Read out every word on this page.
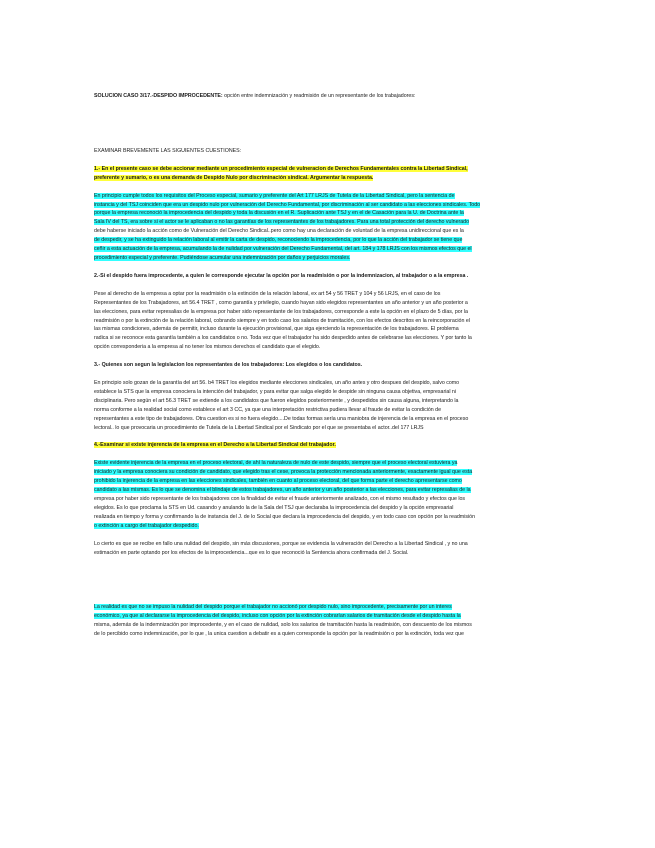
SOLUCION CASO 3/17.-DESPIDO IMPROCEDENTE: opción entre indemnización y readmisión de un representante de los trabajadores:
EXAMINAR BREVEMENTE LAS SIGUIENTES CUESTIONES:
1.- En el presente caso se debe accionar mediante un procedimiento especial de vulneracion de Derechos Fundamentales contra la Libertad Sindical,
preferente y sumario, o es una demanda de Despido Nulo por discriminación sindical. Argumentar la respuesta.
En principio cumple todos los requisitos del Proceso especial, sumario y preferente del Art 177 LRJS de Tutela de la Libertad Sindical, pero la sentencia de
instancia y del TSJ coinciden que era un despido nulo por vulneración del Derecho Fundamental, por discriminación al ser candidato a las elecciones sindicales. Todo
porque la empresa reconoció la improcedencia del despido y toda la discusión en el R. Suplicación ante TSJ y en el de Casación para la U. de Doctrina ante la
Sala IV del TS, era sobre si el actor se le aplicaban o no las garantías de los representantes de los trabajadores. Para una total protección del derecho vulnerado
debe haberse iniciado la acción como de Vulneración del Derecho Sindical..pero como hay una declaración de voluntad de la empresa unidireccional que es la
de despedir, y se ha extinguido la relación laboral al emitir la carta de despido, reconociendo la improcedencia, por lo que la acción del trabajador se tiene que
ceñir a esta actuación de la empresa, acumulando la de nulidad por vulneración del Derecho Fundamental, del art. 184 y 178 LRJS con los mismos efectos que el
procedimiento especial y preferente. Pudiéndose acumular una indemnización por daños y perjuicios morales.
2.-Si el despido fuera improcedente, a quien le corresponde ejecutar la opción por la readmisión o por la indemnizacion, al trabajador o a la empresa .
Pese al derecho de la empresa a optar por la readmisión o la extinción de la relación laboral, ex art 54 y 56 TRET y 104 y 56 LRJS, en el caso de los
Representantes de los Trabajadores, art 56.4 TRET , como garantía y privilegio, cuando hayan sido elegidos representantes un año anterior y un año posterior a
las elecciones, para evitar represalias de la empresa por haber sido representante de los trabajadores, corresponde a este la opción en el plazo de 5 días, por la
readmisión o por la extinción de la relación laboral, cobrando siempre y en todo caso los salarios de tramitación, con los efectos descritos en la reincorporación el
las mismas condiciones, además de permitir, incluso durante la ejecución provisional, que siga ejerciendo la representación de los trabajadores. El problema
radica si se reconoce esta garantía también a los candidatos o no. Toda vez que el trabajador ha sido despedido antes de celebrarse las elecciones. Y por tanto la
opción corresponderia a la empresa al no tener los mismos derechos el candidato que el elegido.
3.- Quienes son segun la legislacion los representantes de los trabajadores: Los elegidos o los candidatos.
En principio solo gozan de la garantía del art 56. b4 TRET los elegidos mediante elecciones sindicales, un año antes y otro despues del despido, salvo como
establece la STS que la empresa conociera la intención del trabajador, y para evitar que salga elegido le despide sin ninguna causa objetiva, empresarial ni
disciplinaria. Pero según el art 56.3 TRET se extiende a los candidatos que fueron elegidos posteriormente , y despedidos sin causa alguna, interpretando la
norma conforme a la realidad social como establece el art 3 CC, ya que una interpretación restrictiva pudiera llevar al fraude de evitar la condición de
representantes a este tipo de trabajadores. Otra cuestion es si no fuera elegido....De todas formas sería una maniobra de injerencia de la empresa en el proceso
lectoral.. lo que provocaria un procedimiento de Tutela de la Libertad Sindical por el Sindicato por el que se presentaba el actor..del 177 LRJS
4.-Examinar si existe injerencia de la empresa en el Derecho a la Libertad Sindical del trabajador.
Existe evidente injerencia de la empresa en el proceso electoral, de ahí la naturaleza de nulo de este despido, siempre que el proceso electoral estuviera ya
iniciado y la empresa conociera su condición de candidato, que elegido tras el cese, provoca la protección mencionada anteriormente, exactamente igual que esta
prohibido la injerencia de la empresa en las elecciones sindicales, también en cuanto al proceso electoral, del que forma parte el derecho aprresentarse como
candidato a las mismas. Es lo que se denomina el blindaje de estos trabajadores, un año anterior y un año posterior a las elecciones, para evitar represalias de la
empresa por haber sido representante de los trabajadores con la finalidad de evitar el fraude anteriormente analizado, con el mismo resultado y efectos que los
elegidos. Es lo que proclama la STS en Ud. casando y anulando la de la Sala del TSJ que declaraba la improcedencia del despido y la opción empresarial
realizada en tiempo y forma y confirmando la de instancia del J. de lo Social que declara la improcedencia del despido, y en todo caso con opción por la readmisión
o extinción a cargo del trabajador despedido.
Lo cierto es que se recibe en fallo una nulidad del despido, sin más discusiones, porque se evidencia la vulneración del Derecho a la Libertad Sindical , y no una
estimación en parte optando por los efectos de la improcedencia...que es lo que reconoció la Sentencia ahora confirmada del J. Social.
La realidad es que no se impuso la nulidad del despido porque el trabajador no accionó por despido nulo, sino improcedente, precisamente por un interes
económico, ya que al declararse la improcedencia del despido, incluso con opción por la extinción cobrarían salarios de tramitación desde el despido hasta la
misma, además de la indemnización por improcedente, y en el caso de nulidad, solo los salarios de tramitación hasta la readmisión, con descuento de los mismos
de lo percibido como indemnización, por lo que , la unica cuestion a debatir es a quien corresponde la opción por la readmisión o por la extinción, toda vez que
